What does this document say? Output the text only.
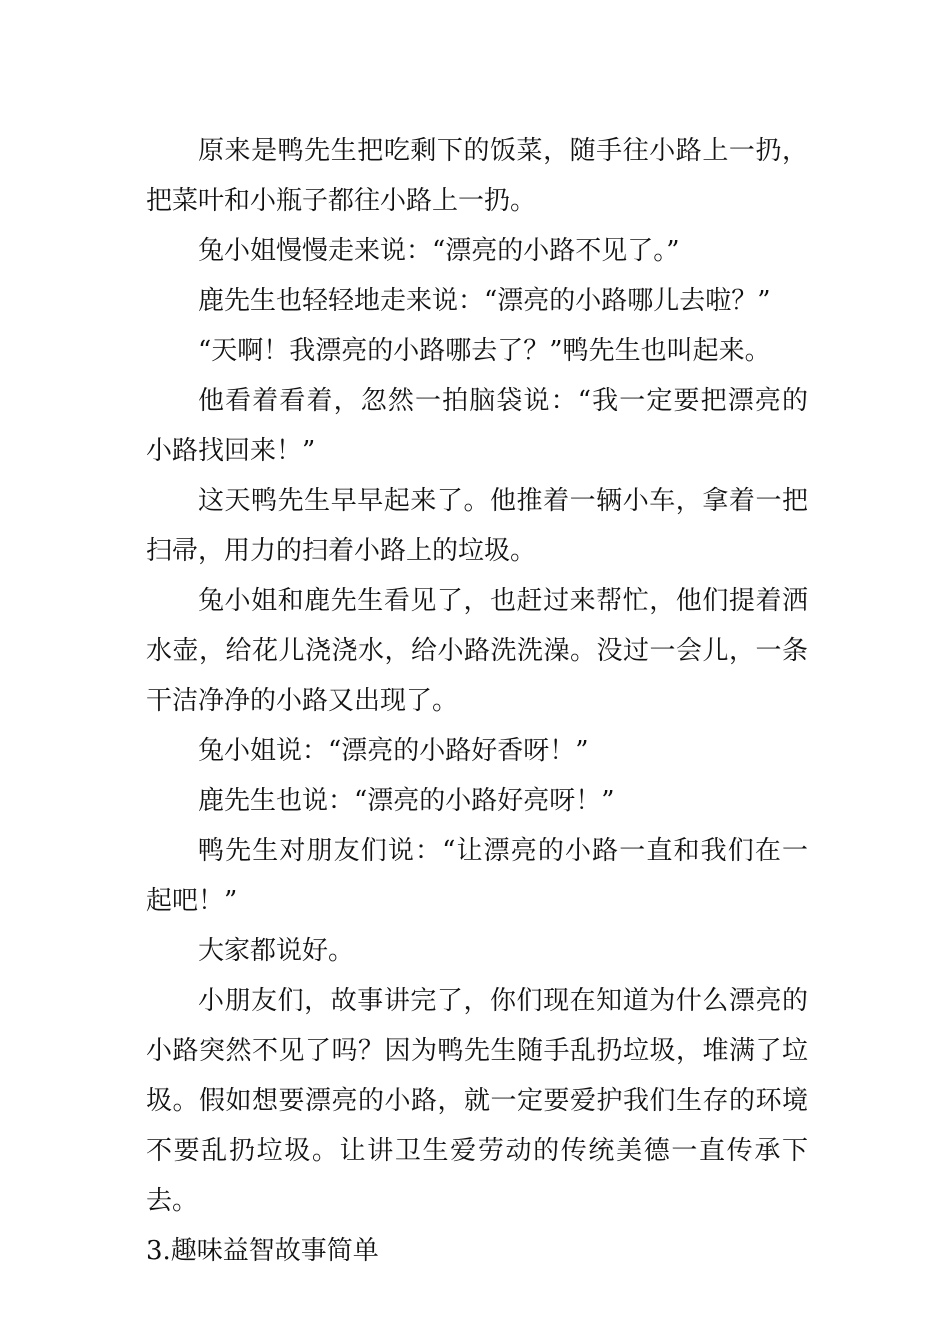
原来是鸭先生把吃剩下的饭菜，随手往小路上一扔，把菜叶和小瓶子都往小路上一扔。

兔小姐慢慢走来说：“漂亮的小路不见了。”

鹿先生也轻轻地走来说：“漂亮的小路哪儿去啦？”

“天啊！我漂亮的小路哪去了？”鸭先生也叫起来。

他看着看着，忽然一拍脑袋说：“我一定要把漂亮的小路找回来！”

这天鸭先生早早起来了。他推着一辆小车，拿着一把扫帚，用力的扫着小路上的垃圾。

兔小姐和鹿先生看见了，也赶过来帮忙，他们提着洒水壶，给花儿浇浇水，给小路洗洗澡。没过一会儿，一条干洁净净的小路又出现了。

兔小姐说：“漂亮的小路好香呀！”

鹿先生也说：“漂亮的小路好亮呀！”

鸭先生对朋友们说：“让漂亮的小路一直和我们在一起吧！”

大家都说好。

小朋友们，故事讲完了，你们现在知道为什么漂亮的小路突然不见了吗？因为鸭先生随手乱扔垃圾，堆满了垃圾。假如想要漂亮的小路，就一定要爱护我们生存的环境不要乱扔垃圾。让讲卫生爱劳动的传统美德一直传承下去。

3.趣味益智故事简单
